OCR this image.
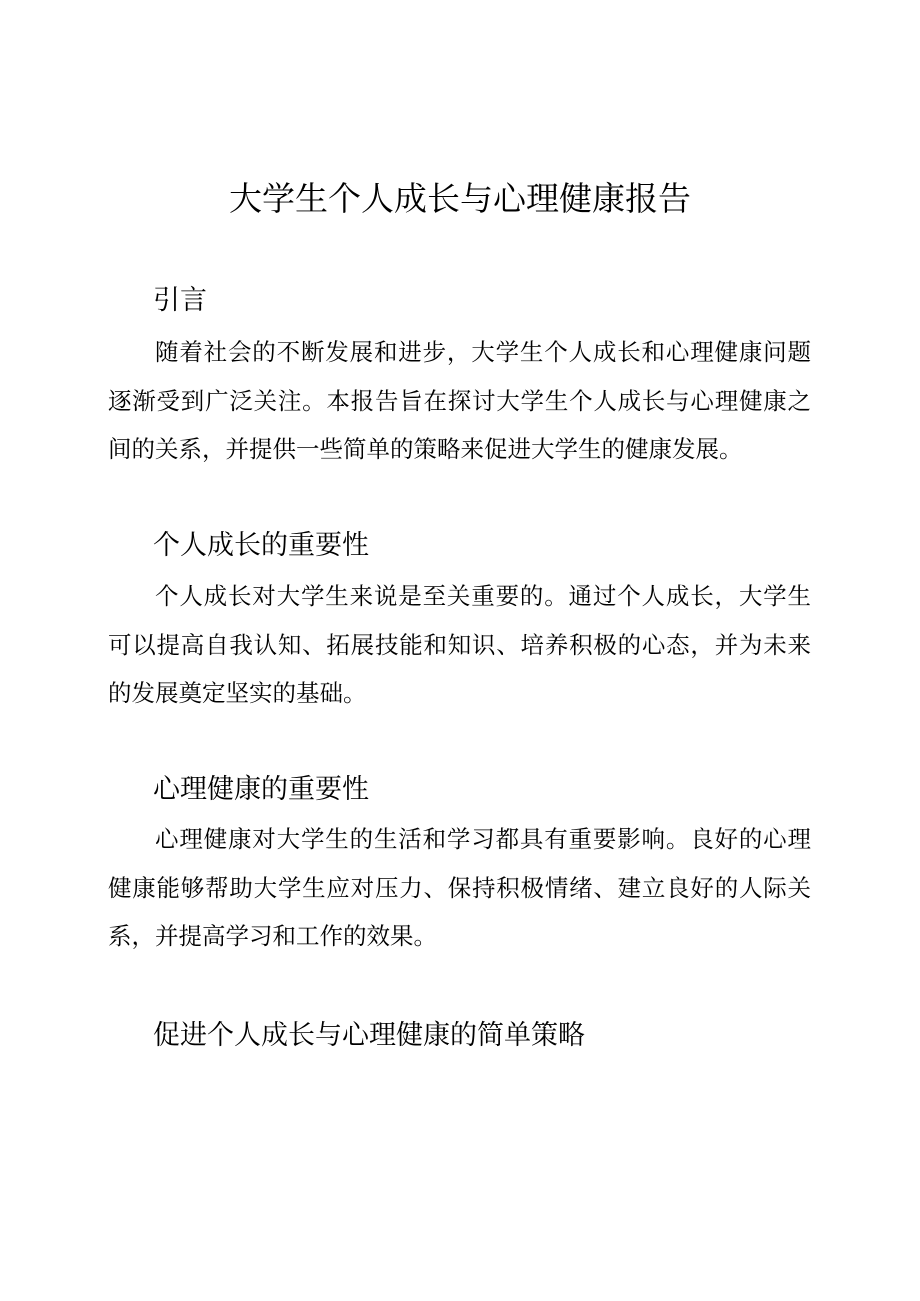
大学生个人成长与心理健康报告
引言

随着社会的不断发展和进步，大学生个人成长和心理健康问题逐渐受到广泛关注。本报告旨在探讨大学生个人成长与心理健康之间的关系，并提供一些简单的策略来促进大学生的健康发展。

个人成长的重要性

个人成长对大学生来说是至关重要的。通过个人成长，大学生可以提高自我认知、拓展技能和知识、培养积极的心态，并为未来的发展奠定坚实的基础。

心理健康的重要性

心理健康对大学生的生活和学习都具有重要影响。良好的心理健康能够帮助大学生应对压力、保持积极情绪、建立良好的人际关系，并提高学习和工作的效果。

促进个人成长与心理健康的简单策略
